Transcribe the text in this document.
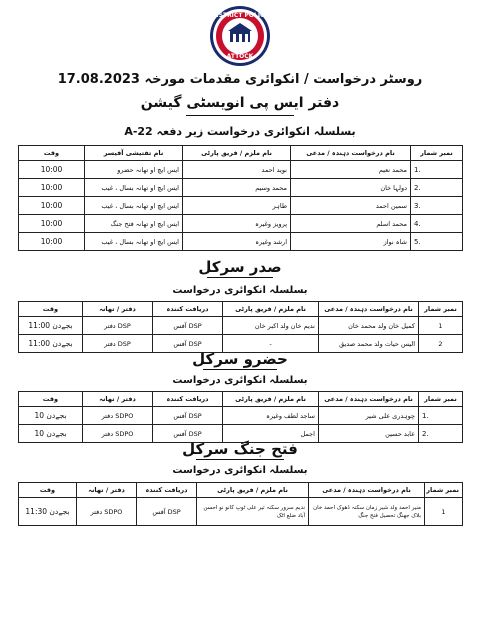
DISTRICT POLICE
ATTOCK
روسٹر درخواست / انکوائری مقدمات مورخہ 17.08.2023
دفتر ایس پی انویسٹی گیشن
بسلسلہ انکوائری درخواست زیر دفعہ 22-A
نمبر شمار	نام درخواست دہندہ / مدعی	نام ملزم / فریق پارٹی	نام تفتیشی آفیسر	وقت
1.	محمد نعیم	نوید احمد	ایس ایچ او تھانہ حضرو	10:00
2.	دولہا خان	محمد وسیم	ایس ایچ او تھانہ بسال ، غیب	10:00
3.	سمین احمد	طاہر	ایس ایچ او تھانہ بسال ، غیب	10:00
4.	محمد اسلم	پرویز وغیرہ	ایس ایچ او تھانہ فتح جنگ	10:00
5.	شاہ نواز	ارشد وغیرہ	ایس ایچ او تھانہ بسال ، غیب	10:00
صدر سرکل
بسلسلہ انکوائری درخواست
نمبر شمار	نام درخواست دہندہ / مدعی	نام ملزم / فریق پارٹی	دریافت کنندہ	دفتر / تھانہ	وقت
1	کمیل خان ولد محمد خان	ندیم خان ولد اکبر خان	DSP آفس	DSP دفتر	11:00 بجےدن
2	الیس حیات ولد محمد صدیق	-	DSP آفس	DSP دفتر	11:00 بجےدن
حضرو سرکل
بسلسلہ انکوائری درخواست
نمبر شمار	نام درخواست دہندہ / مدعی	نام ملزم / فریق پارٹی	دریافت کنندہ	دفتر / تھانہ	وقت
1.	چوہدری علی شیر	ساجد لطف وغیرہ	DSP آفس	SDPO دفتر	10 بجےدن
2.	عابد حسین	اجمل	DSP آفس	SDPO دفتر	10 بجےدن
فتح جنگ سرکل
بسلسلہ انکوائری درخواست
نمبر شمار	نام درخواست دہندہ / مدعی	نام ملزم / فریق پارٹی	دریافت کنندہ	دفتر / تھانہ	وقت
1	منیر احمد ولد شیر زمان سکنہ ڈھوک احمد خان بلاک جھنگ تحصیل فتح جنگ	ندیم سرور سکنہ تیر علی ٹوپ کانو نو احسن آباد ضلع اٹک	DSP آفس	SDPO دفتر	11:30 بجےدن
